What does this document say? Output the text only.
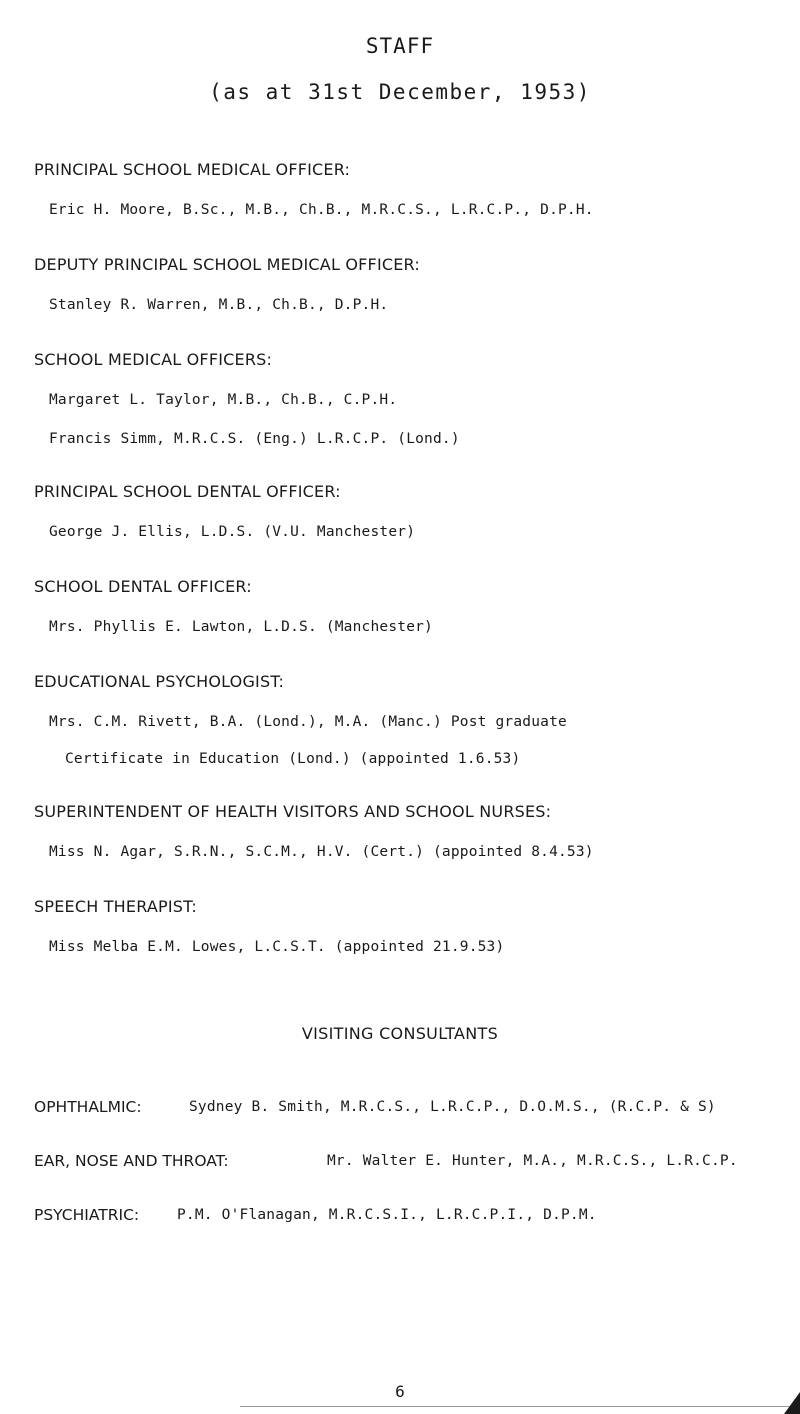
STAFF
(as at 31st December, 1953)
PRINCIPAL SCHOOL MEDICAL OFFICER:
Eric H. Moore, B.Sc., M.B., Ch.B., M.R.C.S., L.R.C.P., D.P.H.
DEPUTY PRINCIPAL SCHOOL MEDICAL OFFICER:
Stanley R. Warren, M.B., Ch.B., D.P.H.
SCHOOL MEDICAL OFFICERS:
Margaret L. Taylor, M.B., Ch.B., C.P.H.
Francis Simm, M.R.C.S. (Eng.) L.R.C.P. (Lond.)
PRINCIPAL SCHOOL DENTAL OFFICER:
George J. Ellis, L.D.S. (V.U. Manchester)
SCHOOL DENTAL OFFICER:
Mrs. Phyllis E. Lawton, L.D.S. (Manchester)
EDUCATIONAL PSYCHOLOGIST:
Mrs. C.M. Rivett, B.A. (Lond.), M.A. (Manc.) Post graduate
Certificate in Education (Lond.) (appointed 1.6.53)
SUPERINTENDENT OF HEALTH VISITORS AND SCHOOL NURSES:
Miss N. Agar, S.R.N., S.C.M., H.V. (Cert.) (appointed 8.4.53)
SPEECH THERAPIST:
Miss Melba E.M. Lowes, L.C.S.T. (appointed 21.9.53)
VISITING CONSULTANTS
OPHTHALMIC:	Sydney B. Smith, M.R.C.S., L.R.C.P., D.O.M.S., (R.C.P. & S)
EAR, NOSE AND THROAT:	Mr. Walter E. Hunter, M.A., M.R.C.S., L.R.C.P.
PSYCHIATRIC:	P.M. O'Flanagan, M.R.C.S.I., L.R.C.P.I., D.P.M.
6
